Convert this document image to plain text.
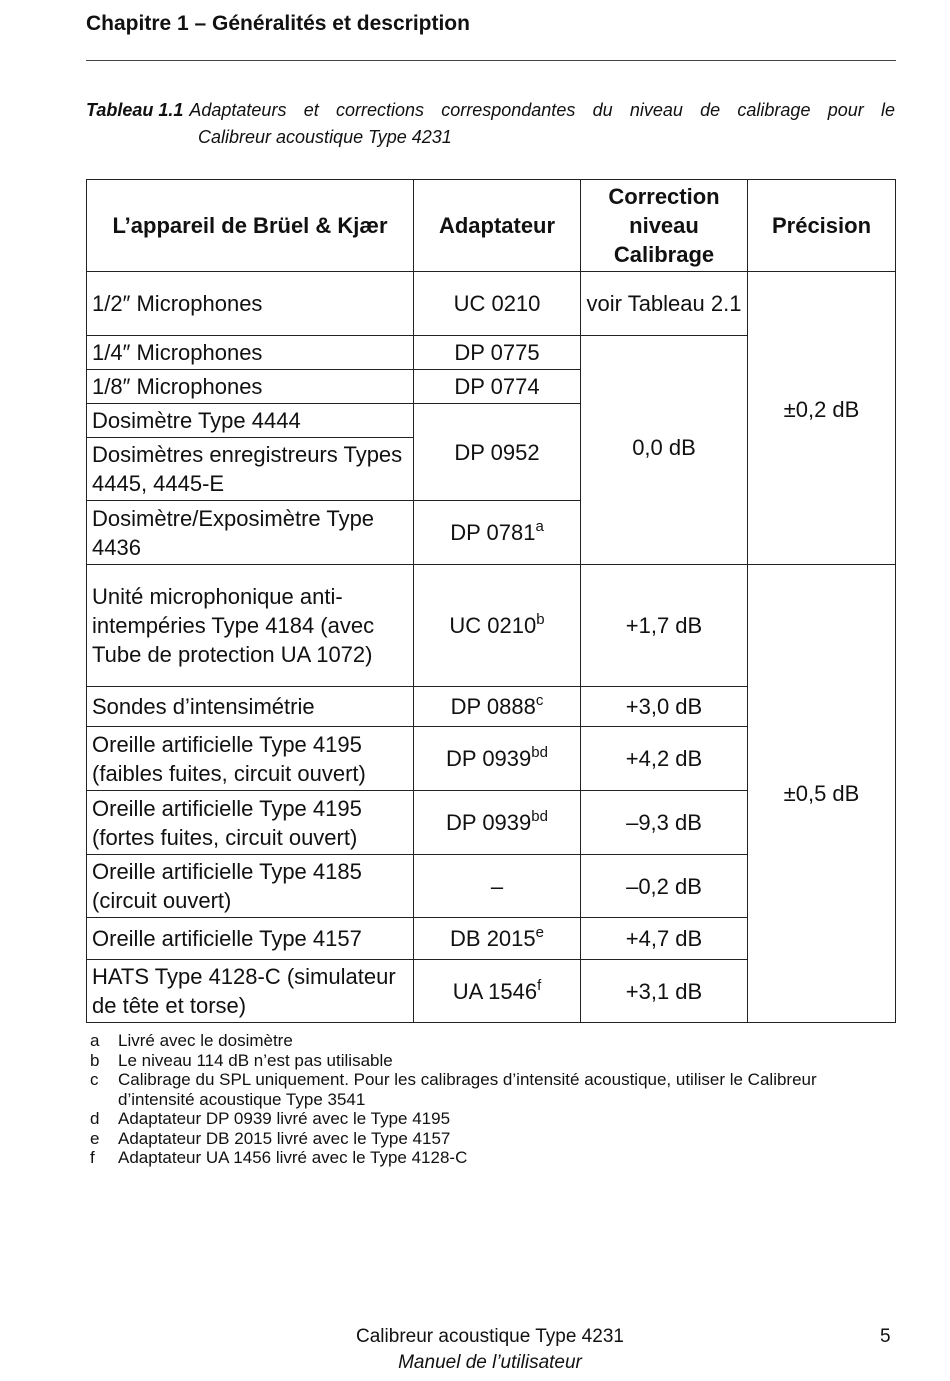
Chapitre 1 – Généralités et description
Tableau 1.1 Adaptateurs et corrections correspondantes du niveau de calibrage pour le
Calibreur acoustique Type 4231
L’appareil de Brüel & Kjær	Adaptateur	Correction niveau Calibrage	Précision
1/2″ Microphones	UC 0210	voir Tableau 2.1	±0,2 dB
1/4″ Microphones	DP 0775	0,0 dB	
1/8″ Microphones	DP 0774		
Dosimètre Type 4444	DP 0952		
Dosimètres enregistreurs Types 4445, 4445-E			
Dosimètre/Exposimètre Type 4436	DP 0781$^a$
Unité microphonique anti-intempéries Type 4184 (avec Tube de protection UA 1072)	UC $0210^b$	+1,7 dB	±0,5 dB
Sondes d’intensimétrie	DP $0888^c$	+3,0 dB	
Oreille artificielle Type 4195 (faibles fuites, circuit ouvert)	DP $0939^{bd}$	+4,2 dB	
Oreille artificielle Type 4195 (fortes fuites, circuit ouvert)	DP $0939^{bd}$	–9,3 dB	
Oreille artificielle Type 4185 (circuit ouvert)	–	–0,2 dB	
Oreille artificielle Type 4157	DB $2015^e$	+4,7 dB	
HATS Type 4128-C (simulateur de tête et torse)	UA $1546^f$	+3,1 dB	
a	Livré avec le dosimètre
b	Le niveau 114 dB n’est pas utilisable
c	Calibrage du SPL uniquement. Pour les calibrages d’intensité acoustique, utiliser le Calibreur d’intensité acoustique Type 3541
d	Adaptateur DP 0939 livré avec le Type 4195
e	Adaptateur DB 2015 livré avec le Type 4157
f	Adaptateur UA 1456 livré avec le Type 4128-C
Calibreur acoustique Type 4231
Manuel de l’utilisateur
5
